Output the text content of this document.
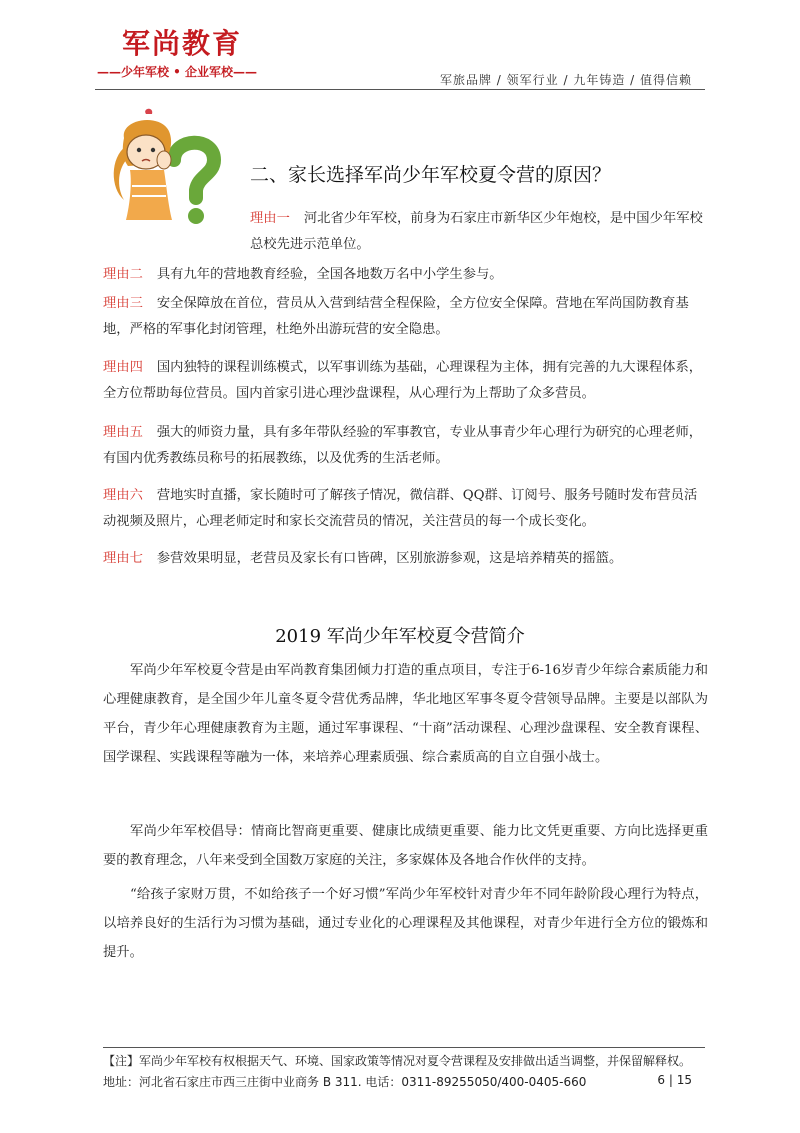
军尚教育
——少年军校 • 企业军校——
军旅品牌 / 领军行业 / 九年铸造 / 值得信赖
二、家长选择军尚少年军校夏令营的原因？
理由一 河北省少年军校，前身为石家庄市新华区少年炮校，是中国少年军校总校先进示范单位。
理由二 具有九年的营地教育经验，全国各地数万名中小学生参与。
理由三 安全保障放在首位，营员从入营到结营全程保险，全方位安全保障。营地在军尚国防教育基地，严格的军事化封闭管理，杜绝外出游玩营的安全隐患。
理由四 国内独特的课程训练模式，以军事训练为基础，心理课程为主体，拥有完善的九大课程体系，全方位帮助每位营员。国内首家引进心理沙盘课程，从心理行为上帮助了众多营员。
理由五 强大的师资力量，具有多年带队经验的军事教官，专业从事青少年心理行为研究的心理老师，有国内优秀教练员称号的拓展教练，以及优秀的生活老师。
理由六 营地实时直播，家长随时可了解孩子情况，微信群、QQ群、订阅号、服务号随时发布营员活动视频及照片，心理老师定时和家长交流营员的情况，关注营员的每一个成长变化。
理由七 参营效果明显，老营员及家长有口皆碑，区别旅游参观，这是培养精英的摇篮。
2019 军尚少年军校夏令营简介
军尚少年军校夏令营是由军尚教育集团倾力打造的重点项目，专注于6-16岁青少年综合素质能力和心理健康教育，是全国少年儿童冬夏令营优秀品牌，华北地区军事冬夏令营领导品牌。主要是以部队为平台，青少年心理健康教育为主题，通过军事课程、“十商”活动课程、心理沙盘课程、安全教育课程、国学课程、实践课程等融为一体，来培养心理素质强、综合素质高的自立自强小战士。
军尚少年军校倡导：情商比智商更重要、健康比成绩更重要、能力比文凭更重要、方向比选择更重要的教育理念，八年来受到全国数万家庭的关注，多家媒体及各地合作伙伴的支持。
“给孩子家财万贯，不如给孩子一个好习惯”军尚少年军校针对青少年不同年龄阶段心理行为特点，以培养良好的生活行为习惯为基础，通过专业化的心理课程及其他课程，对青少年进行全方位的锻炼和提升。
【注】军尚少年军校有权根据天气、环境、国家政策等情况对夏令营课程及安排做出适当调整，并保留解释权。
地址：河北省石家庄市西三庄街中业商务 B 311. 电话：0311-89255050/400-0405-660	6 | 15
